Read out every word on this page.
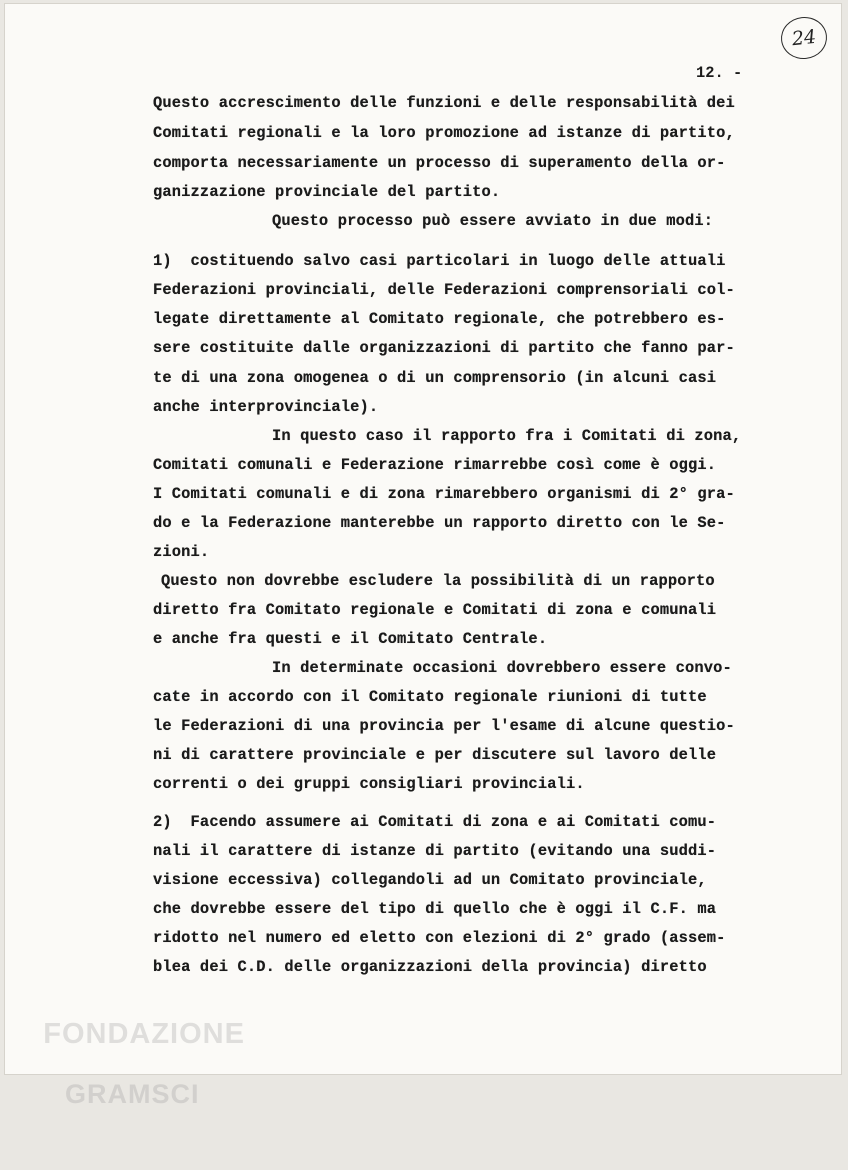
24
12. -
Questo accrescimento delle funzioni e delle responsabilità dei
Comitati regionali e la loro promozione ad istanze di partito,
comporta necessariamente un processo di superamento della or-
ganizzazione provinciale del partito.
Questo processo può essere avviato in due modi:
1)  costituendo salvo casi particolari in luogo delle attuali
Federazioni provinciali, delle Federazioni comprensoriali col-
legate direttamente al Comitato regionale, che potrebbero es-
sere costituite dalle organizzazioni di partito che fanno par-
te di una zona omogenea o di un comprensorio (in alcuni casi
anche interprovinciale).
In questo caso il rapporto fra i Comitati di zona,
Comitati comunali e Federazione rimarrebbe così come è oggi.
I Comitati comunali e di zona rimarebbero organismi di 2° gra-
do e la Federazione manterebbe un rapporto diretto con le Se-
zioni.
Questo non dovrebbe escludere la possibilità di un rapporto
diretto fra Comitato regionale e Comitati di zona e comunali
e anche fra questi e il Comitato Centrale.
In determinate occasioni dovrebbero essere convo-
cate in accordo con il Comitato regionale riunioni di tutte
le Federazioni di una provincia per l'esame di alcune questio-
ni di carattere provinciale e per discutere sul lavoro delle
correnti o dei gruppi consigliari provinciali.
2)  Facendo assumere ai Comitati di zona e ai Comitati comu-
nali il carattere di istanze di partito (evitando una suddi-
visione eccessiva) collegandoli ad un Comitato provinciale,
che dovrebbe essere del tipo di quello che è oggi il C.F. ma
ridotto nel numero ed eletto con elezioni di 2° grado (assem-
blea dei C.D. delle organizzazioni della provincia) diretto

FONDAZIONE

GRAMSCI
